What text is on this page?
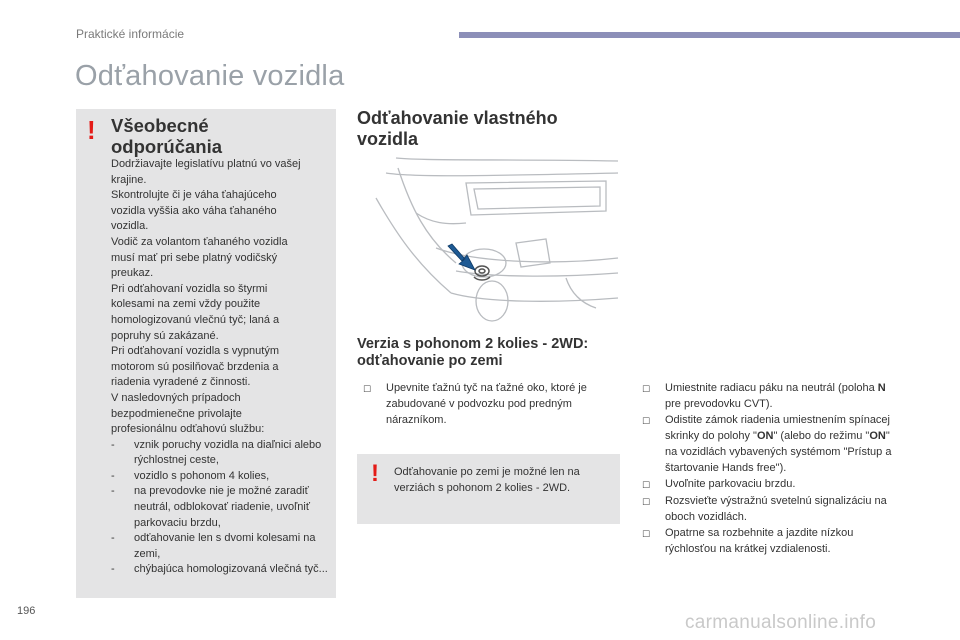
Praktické informácie
Odťahovanie vozidla
! Všeobecné
odporúčania
Dodržiavajte legislatívu platnú vo vašej
krajine.
Skontrolujte či je váha ťahajúceho
vozidla vyššia ako váha ťahaného
vozidla.
Vodič za volantom ťahaného vozidla
musí mať pri sebe platný vodičský
preukaz.
Pri odťahovaní vozidla so štyrmi
kolesami na zemi vždy použite
homologizovanú vlečnú tyč; laná a
popruhy sú zakázané.
Pri odťahovaní vozidla s vypnutým
motorom sú posilňovač brzdenia a
riadenia vyradené z činnosti.
V nasledovných prípadoch
bezpodmienečne privolajte
profesionálnu odťahovú službu:
-	vznik poruchy vozidla na diaľnici alebo rýchlostnej ceste,
-	vozidlo s pohonom 4 kolies,
-	na prevodovke nie je možné zaradiť neutrál, odblokovať riadenie, uvoľniť parkovaciu brzdu,
-	odťahovanie len s dvomi kolesami na zemi,
-	chýbajúca homologizovaná vlečná tyč...
Odťahovanie vlastného
vozidla
Verzia s pohonom 2 kolies - 2WD:
odťahovanie po zemi
☐	Upevnite ťažnú tyč na ťažné oko, ktoré je zabudované v podvozku pod predným nárazníkom.
! Odťahovanie po zemi je možné len na verziách s pohonom 2 kolies - 2WD.
☐	Umiestnite radiacu páku na neutrál (poloha N pre prevodovku CVT).
☐	Odistite zámok riadenia umiestnením spínacej skrinky do polohy "ON" (alebo do režimu "ON" na vozidlách vybavených systémom "Prístup a štartovanie Hands free").
☐	Uvoľnite parkovaciu brzdu.
☐	Rozsvieťte výstražnú svetelnú signalizáciu na oboch vozidlách.
☐	Opatrne sa rozbehnite a jazdite nízkou rýchlosťou na krátkej vzdialenosti.
196
carmanualsonline.info
